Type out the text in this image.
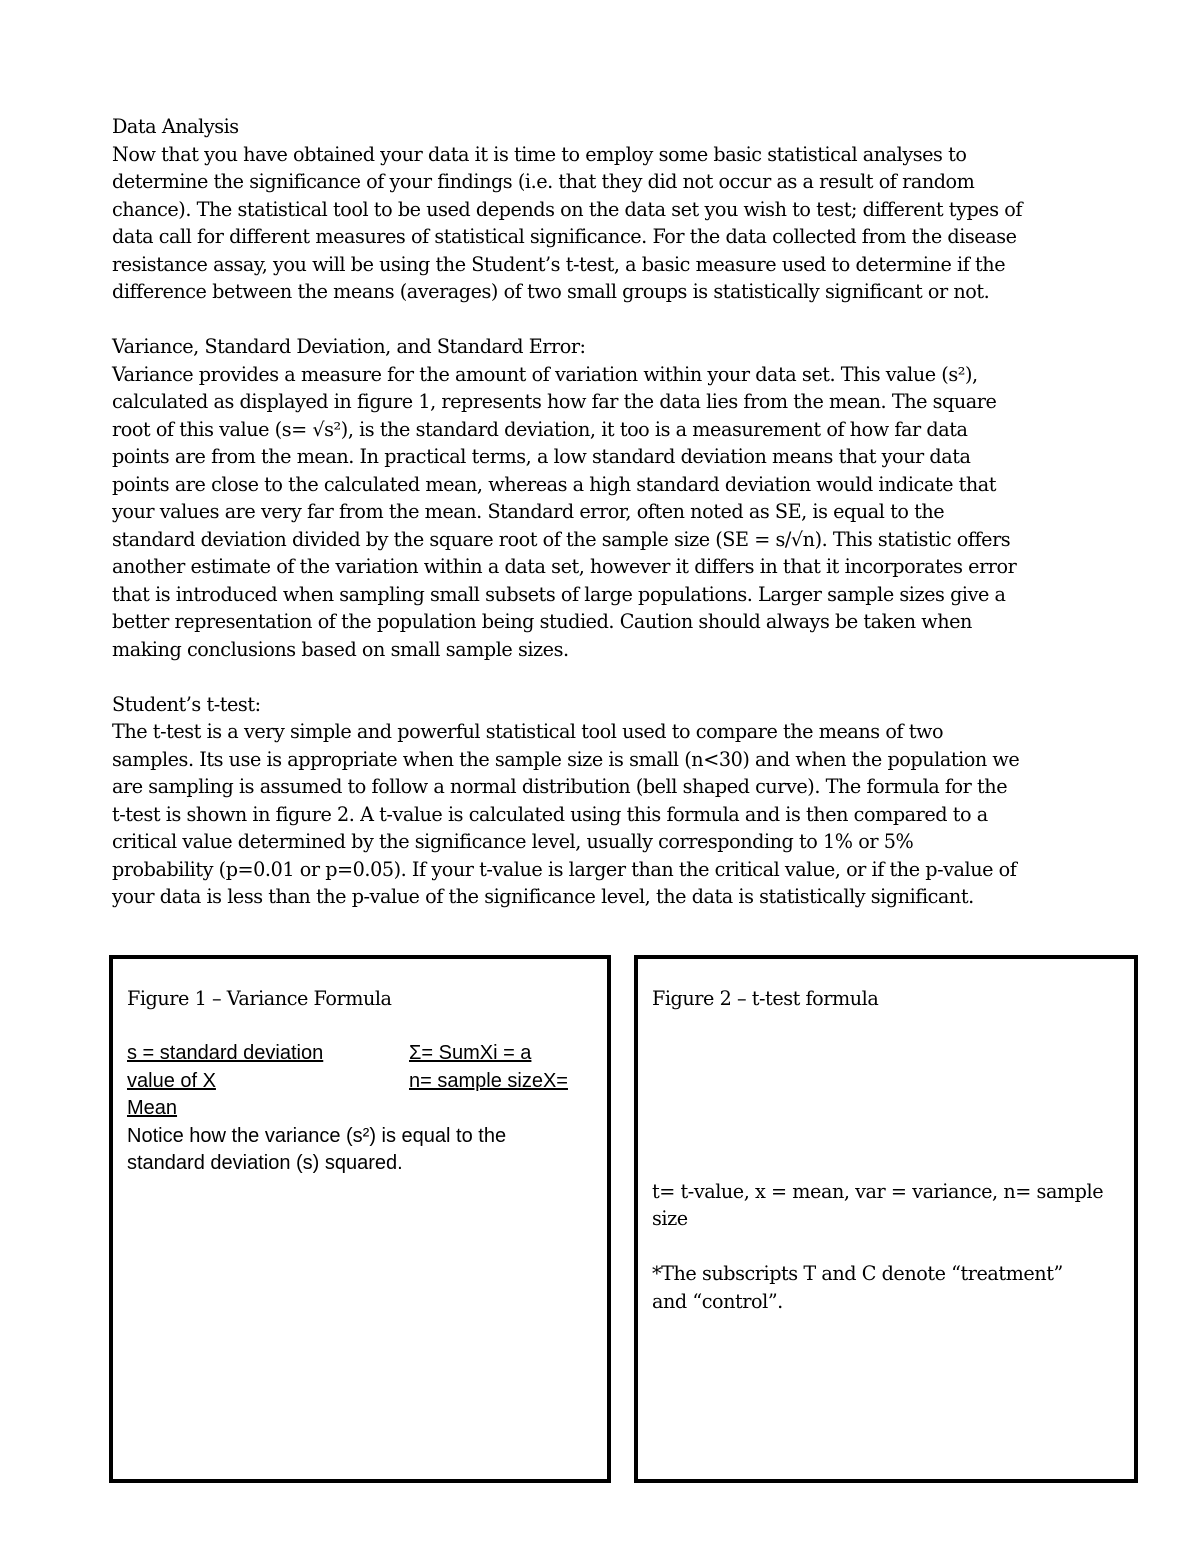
Data Analysis
Now that you have obtained your data it is time to employ some basic statistical analyses to
determine the significance of your findings (i.e. that they did not occur as a result of random
chance). The statistical tool to be used depends on the data set you wish to test; different types of
data call for different measures of statistical significance. For the data collected from the disease
resistance assay, you will be using the Student’s t-test, a basic measure used to determine if the
difference between the means (averages) of two small groups is statistically significant or not.
Variance, Standard Deviation, and Standard Error:
Variance provides a measure for the amount of variation within your data set. This value (s²),
calculated as displayed in figure 1, represents how far the data lies from the mean. The square
root of this value (s= √s²), is the standard deviation, it too is a measurement of how far data
points are from the mean. In practical terms, a low standard deviation means that your data
points are close to the calculated mean, whereas a high standard deviation would indicate that
your values are very far from the mean. Standard error, often noted as SE, is equal to the
standard deviation divided by the square root of the sample size (SE = s/√n). This statistic offers
another estimate of the variation within a data set, however it differs in that it incorporates error
that is introduced when sampling small subsets of large populations. Larger sample sizes give a
better representation of the population being studied. Caution should always be taken when
making conclusions based on small sample sizes.
Student’s t-test:
The t-test is a very simple and powerful statistical tool used to compare the means of two
samples. Its use is appropriate when the sample size is small (n<30) and when the population we
are sampling is assumed to follow a normal distribution (bell shaped curve). The formula for the
t-test is shown in figure 2. A t-value is calculated using this formula and is then compared to a
critical value determined by the significance level, usually corresponding to 1% or 5%
probability (p=0.01 or p=0.05). If your t-value is larger than the critical value, or if the p-value of
your data is less than the p-value of the significance level, the data is statistically significant.

Figure 1 – Variance Formula

s = standard deviation	Σ= SumXi = a
value of X	n= sample sizeX=
Mean
Notice how the variance (s²) is equal to the
standard deviation (s) squared.

Figure 2 – t-test formula

t= t-value, x = mean, var = variance, n= sample
size
*The subscripts T and C denote “treatment”
and “control”.
